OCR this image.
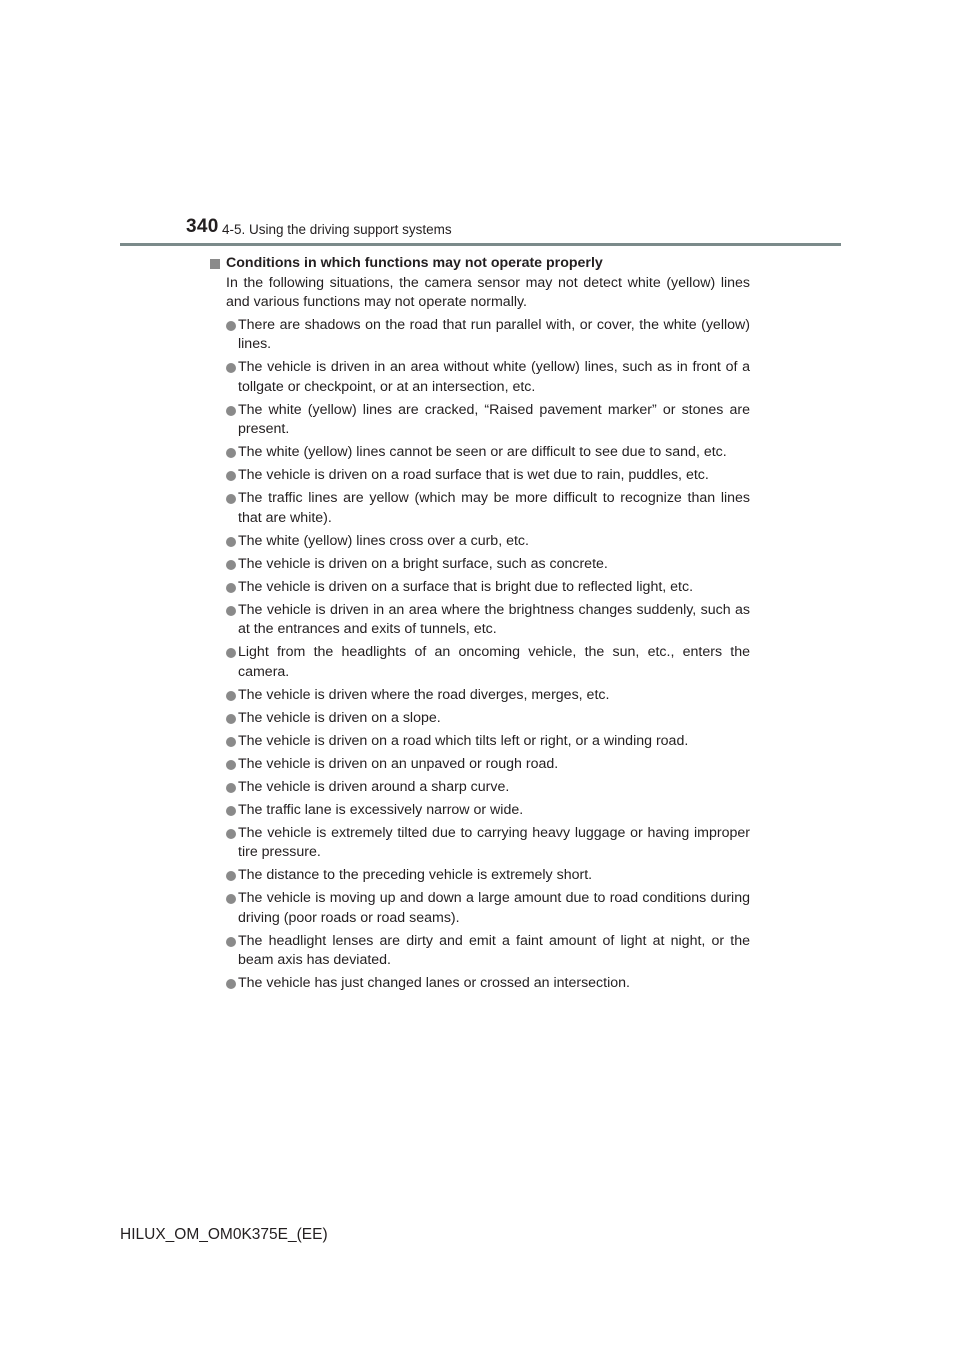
340 4-5. Using the driving support systems

Conditions in which functions may not operate properly

In the following situations, the camera sensor may not detect white (yellow) lines and various functions may not operate normally.

There are shadows on the road that run parallel with, or cover, the white (yellow) lines.
The vehicle is driven in an area without white (yellow) lines, such as in front of a tollgate or checkpoint, or at an intersection, etc.
The white (yellow) lines are cracked, “Raised pavement marker” or stones are present.
The white (yellow) lines cannot be seen or are difficult to see due to sand, etc.
The vehicle is driven on a road surface that is wet due to rain, puddles, etc.
The traffic lines are yellow (which may be more difficult to recognize than lines that are white).
The white (yellow) lines cross over a curb, etc.
The vehicle is driven on a bright surface, such as concrete.
The vehicle is driven on a surface that is bright due to reflected light, etc.
The vehicle is driven in an area where the brightness changes suddenly, such as at the entrances and exits of tunnels, etc.
Light from the headlights of an oncoming vehicle, the sun, etc., enters the camera.
The vehicle is driven where the road diverges, merges, etc.
The vehicle is driven on a slope.
The vehicle is driven on a road which tilts left or right, or a winding road.
The vehicle is driven on an unpaved or rough road.
The vehicle is driven around a sharp curve.
The traffic lane is excessively narrow or wide.
The vehicle is extremely tilted due to carrying heavy luggage or having improper tire pressure.
The distance to the preceding vehicle is extremely short.
The vehicle is moving up and down a large amount due to road conditions during driving (poor roads or road seams).
The headlight lenses are dirty and emit a faint amount of light at night, or the beam axis has deviated.
The vehicle has just changed lanes or crossed an intersection.
HILUX_OM_OM0K375E_(EE)
